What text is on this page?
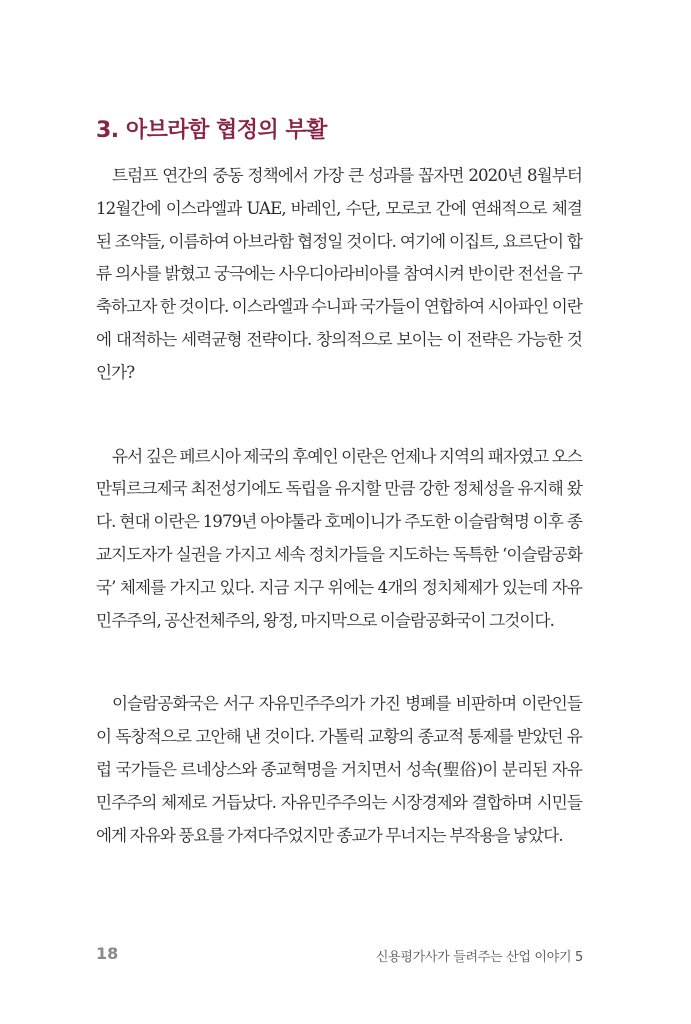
3. 아브라함 협정의 부활

트럼프 연간의 중동 정책에서 가장 큰 성과를 꼽자면 2020년 8월부터 12월간에 이스라엘과 UAE, 바레인, 수단, 모로코 간에 연쇄적으로 체결된 조약들, 이름하여 아브라함 협정일 것이다. 여기에 이집트, 요르단이 합류 의사를 밝혔고 궁극에는 사우디아라비아를 참여시켜 반이란 전선을 구축하고자 한 것이다. 이스라엘과 수니파 국가들이 연합하여 시아파인 이란에 대적하는 세력균형 전략이다. 창의적으로 보이는 이 전략은 가능한 것인가?

유서 깊은 페르시아 제국의 후예인 이란은 언제나 지역의 패자였고 오스만튀르크제국 최전성기에도 독립을 유지할 만큼 강한 정체성을 유지해 왔다. 현대 이란은 1979년 아야툴라 호메이니가 주도한 이슬람혁명 이후 종교지도자가 실권을 가지고 세속 정치가들을 지도하는 독특한 ‘이슬람공화국’ 체제를 가지고 있다. 지금 지구 위에는 4개의 정치체제가 있는데 자유민주주의, 공산전체주의, 왕정, 마지막으로 이슬람공화국이 그것이다.

이슬람공화국은 서구 자유민주주의가 가진 병폐를 비판하며 이란인들이 독창적으로 고안해 낸 것이다. 가톨릭 교황의 종교적 통제를 받았던 유럽 국가들은 르네상스와 종교혁명을 거치면서 성속(聖俗)이 분리된 자유민주주의 체제로 거듭났다. 자유민주주의는 시장경제와 결합하며 시민들에게 자유와 풍요를 가져다주었지만 종교가 무너지는 부작용을 낳았다.

18	신용평가사가 들려주는 산업 이야기 5
